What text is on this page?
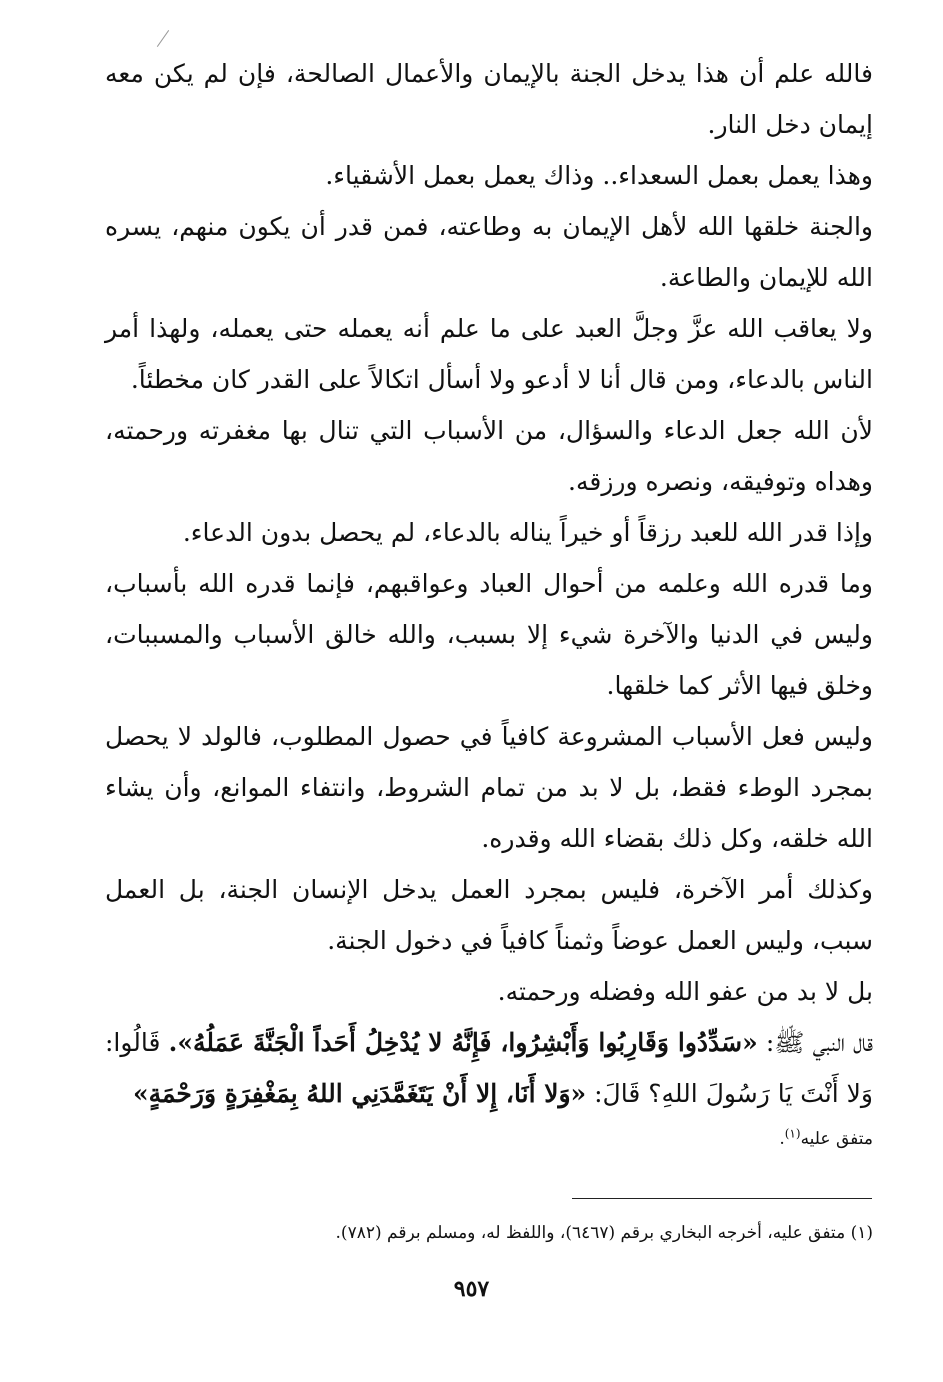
فالله علم أن هذا يدخل الجنة بالإيمان والأعمال الصالحة، فإن لم يكن معه إيمان دخل النار.

وهذا يعمل بعمل السعداء.. وذاك يعمل بعمل الأشقياء.

والجنة خلقها الله لأهل الإيمان به وطاعته، فمن قدر أن يكون منهم، يسره الله للإيمان والطاعة.

ولا يعاقب الله عزَّ وجلَّ العبد على ما علم أنه يعمله حتى يعمله، ولهذا أمر الناس بالدعاء، ومن قال أنا لا أدعو ولا أسأل اتكالاً على القدر كان مخطئاً.

لأن الله جعل الدعاء والسؤال، من الأسباب التي تنال بها مغفرته ورحمته، وهداه وتوفيقه، ونصره ورزقه.

وإذا قدر الله للعبد رزقاً أو خيراً يناله بالدعاء، لم يحصل بدون الدعاء.

وما قدره الله وعلمه من أحوال العباد وعواقبهم، فإنما قدره الله بأسباب، وليس في الدنيا والآخرة شيء إلا بسبب، والله خالق الأسباب والمسببات، وخلق فيها الأثر كما خلقها.

وليس فعل الأسباب المشروعة كافياً في حصول المطلوب، فالولد لا يحصل بمجرد الوطء فقط، بل لا بد من تمام الشروط، وانتفاء الموانع، وأن يشاء الله خلقه، وكل ذلك بقضاء الله وقدره.

وكذلك أمر الآخرة، فليس بمجرد العمل يدخل الإنسان الجنة، بل العمل سبب، وليس العمل عوضاً وثمناً كافياً في دخول الجنة.

بل لا بد من عفو الله وفضله ورحمته.

قال النبي ﷺ: «سَدِّدُوا وَقَارِبُوا وَأَبْشِرُوا، فَإِنَّهُ لا يُدْخِلُ أَحَداً الْجَنَّةَ عَمَلُهُ». قَالُوا: وَلا أَنْتَ يَا رَسُولَ اللهِ؟ قَالَ: «وَلا أَنَا، إِلا أَنْ يَتَغَمَّدَنِي اللهُ بِمَغْفِرَةٍ وَرَحْمَةٍ»

متفق عليه$^{(١)}$.

(١) متفق عليه، أخرجه البخاري برقم (٦٤٦٧)، واللفظ له، ومسلم برقم (٧٨٢).
٩٥٧
